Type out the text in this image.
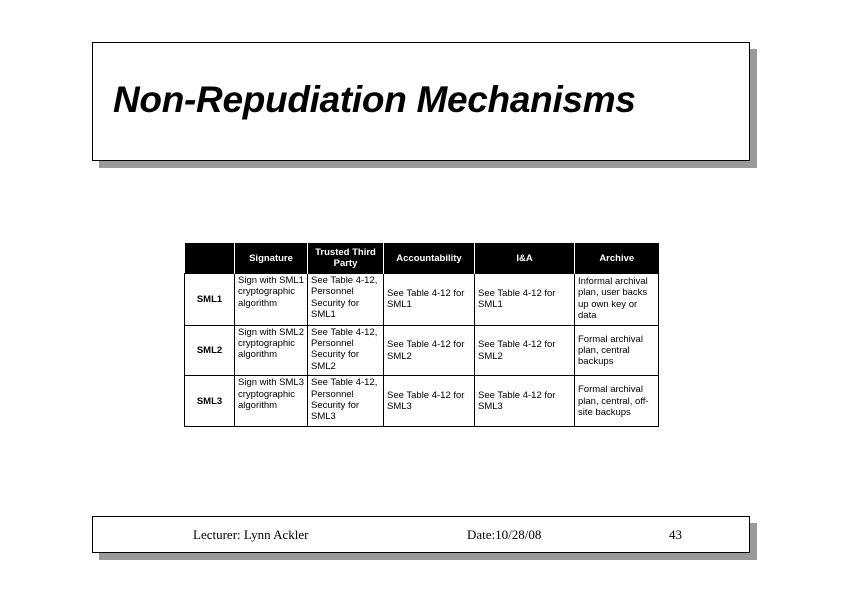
Non-Repudiation Mechanisms
	Signature	Trusted Third Party	Accountability	I&A	Archive
SML1	Sign with SML1 cryptographic algorithm	See Table 4-12, Personnel Security for SML1	See Table 4-12 for SML1	See Table 4-12 for SML1	Informal archival plan, user backs up own key or data
SML2	Sign with SML2 cryptographic algorithm	See Table 4-12, Personnel Security for SML2	See Table 4-12 for SML2	See Table 4-12 for SML2	Formal archival plan, central backups
SML3	Sign with SML3 cryptographic algorithm	See Table 4-12, Personnel Security for SML3	See Table 4-12 for SML3	See Table 4-12 for SML3	Formal archival plan, central, off-site backups
Lecturer: Lynn Ackler	Date:10/28/08	43
